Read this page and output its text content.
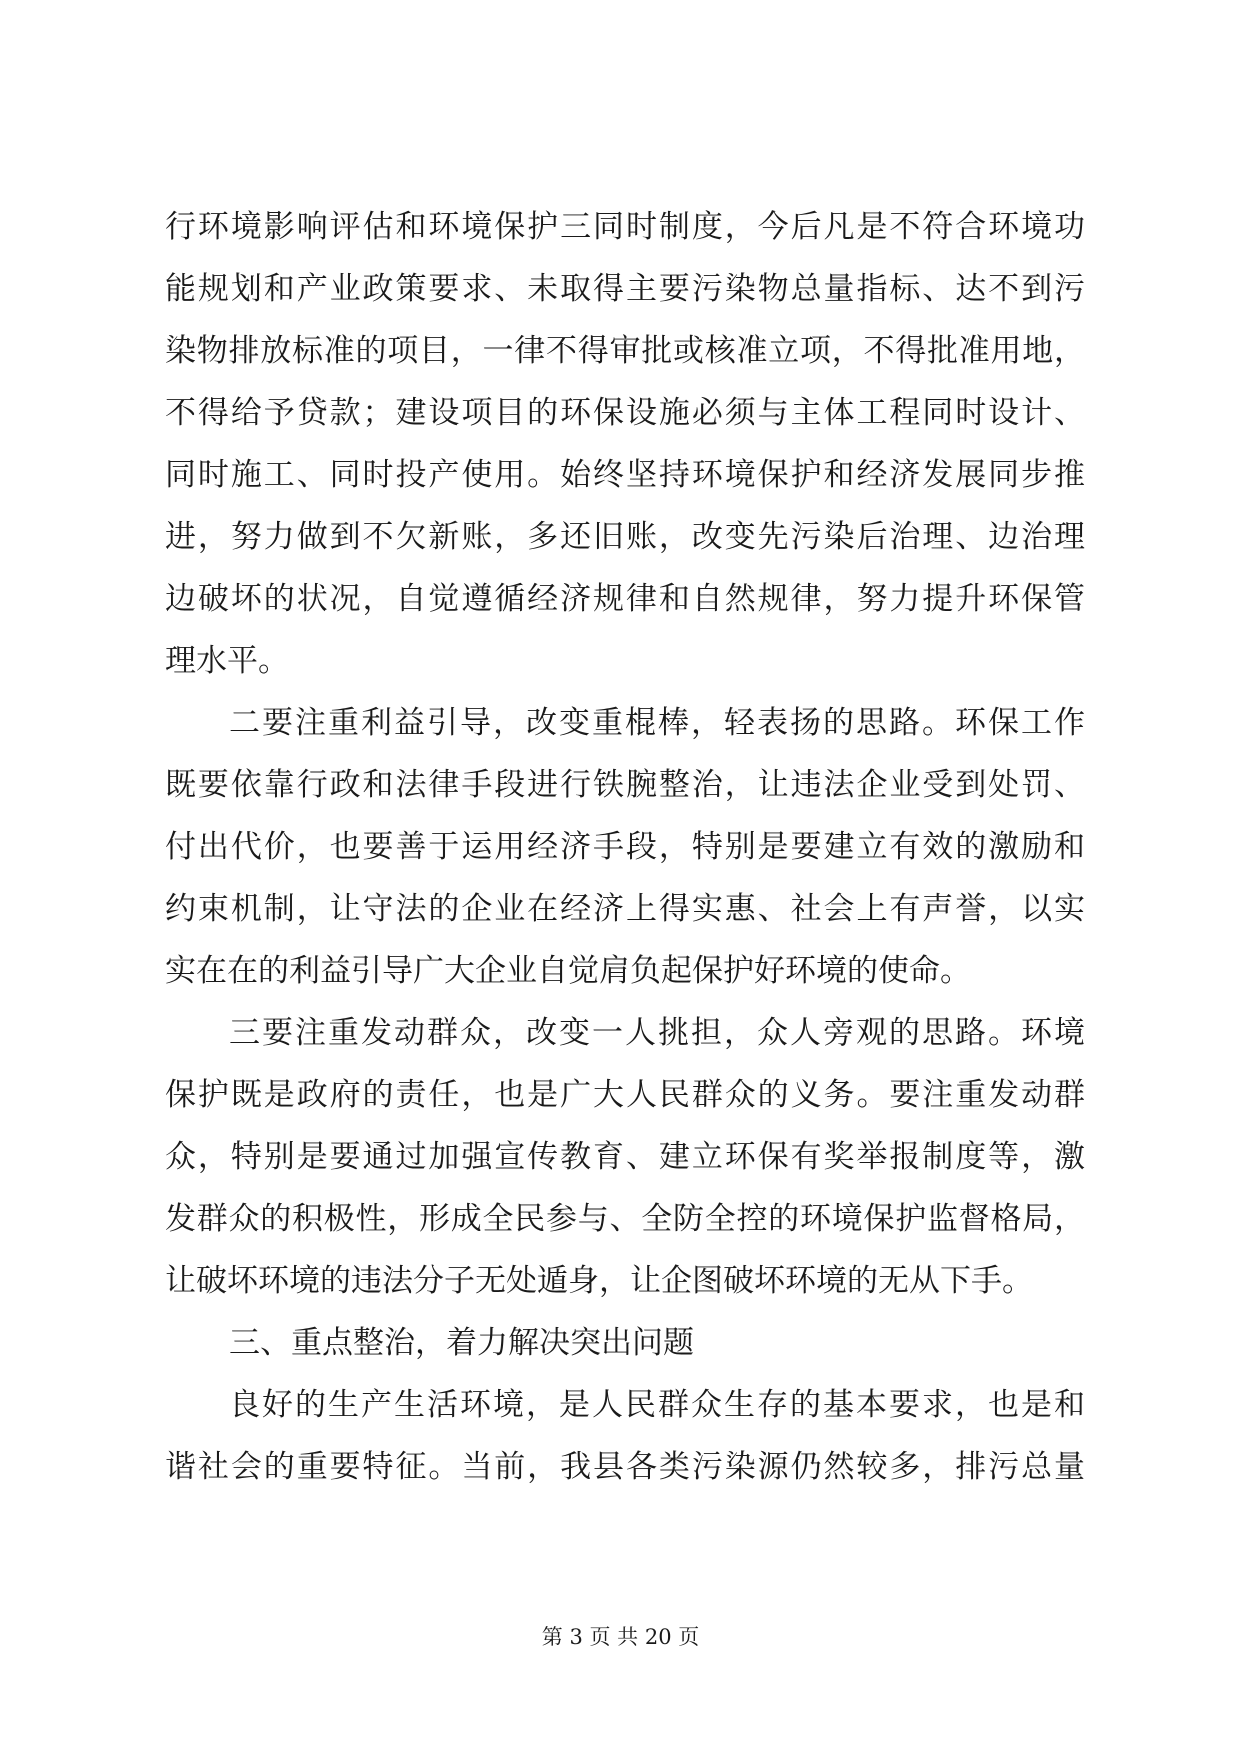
行环境影响评估和环境保护三同时制度，今后凡是不符合环境功
能规划和产业政策要求、未取得主要污染物总量指标、达不到污
染物排放标准的项目，一律不得审批或核准立项，不得批准用地，
不得给予贷款；建设项目的环保设施必须与主体工程同时设计、
同时施工、同时投产使用。始终坚持环境保护和经济发展同步推
进，努力做到不欠新账，多还旧账，改变先污染后治理、边治理
边破坏的状况，自觉遵循经济规律和自然规律，努力提升环保管
理水平。
二要注重利益引导，改变重棍棒，轻表扬的思路。环保工作
既要依靠行政和法律手段进行铁腕整治，让违法企业受到处罚、
付出代价，也要善于运用经济手段，特别是要建立有效的激励和
约束机制，让守法的企业在经济上得实惠、社会上有声誉，以实
实在在的利益引导广大企业自觉肩负起保护好环境的使命。
三要注重发动群众，改变一人挑担，众人旁观的思路。环境
保护既是政府的责任，也是广大人民群众的义务。要注重发动群
众，特别是要通过加强宣传教育、建立环保有奖举报制度等，激
发群众的积极性，形成全民参与、全防全控的环境保护监督格局，
让破坏环境的违法分子无处遁身，让企图破坏环境的无从下手。
三、重点整治，着力解决突出问题
良好的生产生活环境，是人民群众生存的基本要求，也是和
谐社会的重要特征。当前，我县各类污染源仍然较多，排污总量
第 3 页 共 20 页
